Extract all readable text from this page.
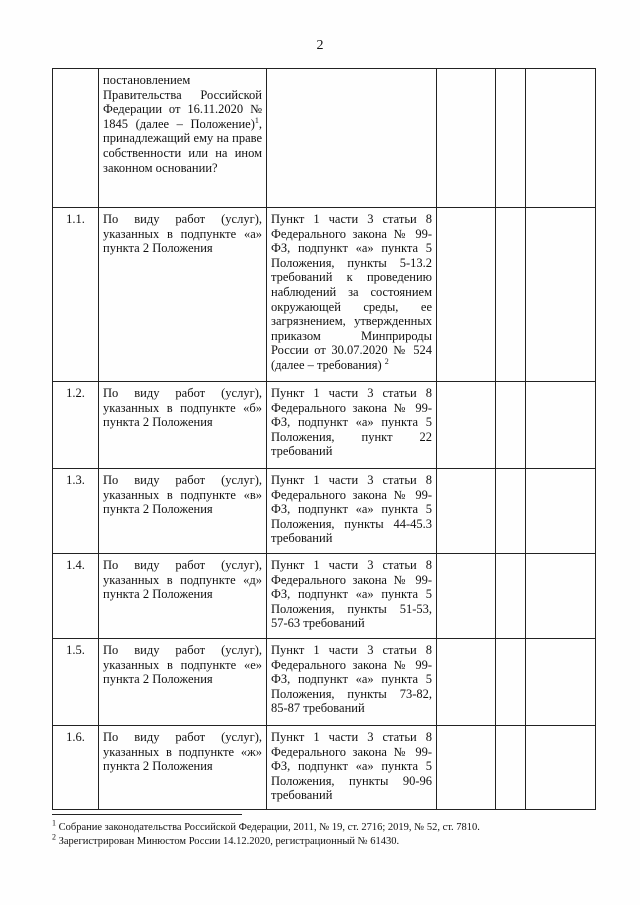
2
	постановлением Правительства Российской Федерации от 16.11.2020 № 1845 (далее – Положение)$^1$, принадлежащий ему на праве собственности или на ином законном основании?				
1.1.	По виду работ (услуг), указанных в подпункте «а» пункта 2 Положения	Пункт 1 части 3 статьи 8 Федерального закона № 99-ФЗ, подпункт «а» пункта 5 Положения, пункты 5-13.2 требований к проведению наблюдений за состоянием окружающей среды, ее загрязнением, утвержденных приказом Минприроды России от 30.07.2020 № 524 (далее – требования) $^2$			
1.2.	По виду работ (услуг), указанных в подпункте «б» пункта 2 Положения	Пункт 1 части 3 статьи 8 Федерального закона № 99-ФЗ, подпункт «а» пункта 5 Положения, пункт 22 требований			
1.3.	По виду работ (услуг), указанных в подпункте «в» пункта 2 Положения	Пункт 1 части 3 статьи 8 Федерального закона № 99-ФЗ, подпункт «а» пункта 5 Положения, пункты 44-45.3 требований			
1.4.	По виду работ (услуг), указанных в подпункте «д» пункта 2 Положения	Пункт 1 части 3 статьи 8 Федерального закона № 99-ФЗ, подпункт «а» пункта 5 Положения, пункты 51-53, 57-63 требований			
1.5.	По виду работ (услуг), указанных в подпункте «е» пункта 2 Положения	Пункт 1 части 3 статьи 8 Федерального закона № 99-ФЗ, подпункт «а» пункта 5 Положения, пункты 73-82, 85-87 требований			
1.6.	По виду работ (услуг), указанных в подпункте «ж» пункта 2 Положения	Пункт 1 части 3 статьи 8 Федерального закона № 99-ФЗ, подпункт «а» пункта 5 Положения, пункты 90-96 требований			
$^1$ Собрание законодательства Российской Федерации, 2011, № 19, ст. 2716; 2019, № 52, ст. 7810.
$^2$ Зарегистрирован Минюстом России 14.12.2020, регистрационный № 61430.
